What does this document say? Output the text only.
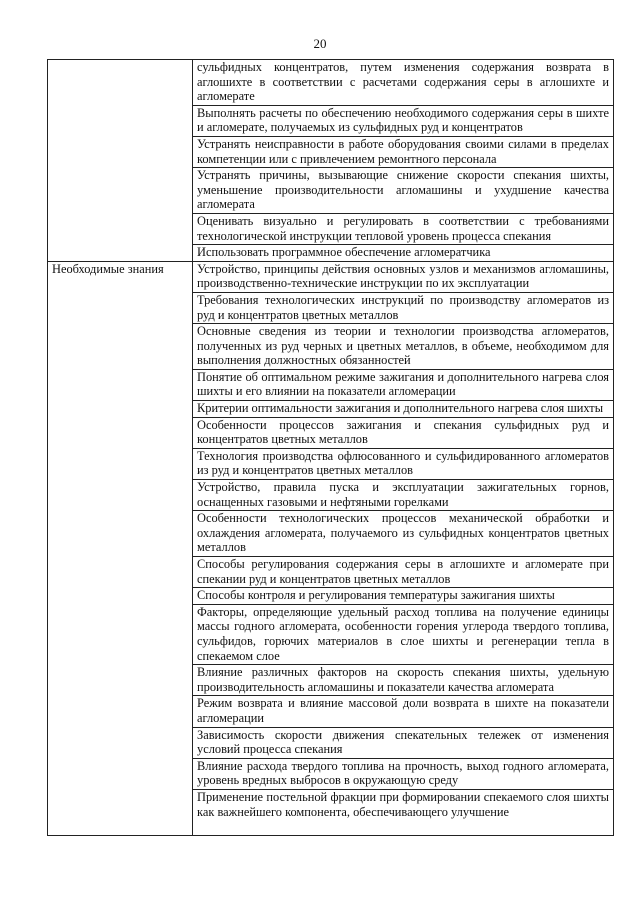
20
	сульфидных концентратов, путем изменения содержания возврата в аглошихте в соответствии с расчетами содержания серы в аглошихте и агломерате
	Выполнять расчеты по обеспечению необходимого содержания серы в шихте и агломерате, получаемых из сульфидных руд и концентратов
	Устранять неисправности в работе оборудования своими силами в пределах компетенции или с привлечением ремонтного персонала
	Устранять причины, вызывающие снижение скорости спекания шихты, уменьшение производительности агломашины и ухудшение качества агломерата
	Оценивать визуально и регулировать в соответствии с требованиями технологической инструкции тепловой уровень процесса спекания
	Использовать программное обеспечение агломератчика
Необходимые знания	Устройство, принципы действия основных узлов и механизмов агломашины, производственно-технические инструкции по их эксплуатации
	Требования технологических инструкций по производству агломератов из руд и концентратов цветных металлов
	Основные сведения из теории и технологии производства агломератов, полученных из руд черных и цветных металлов, в объеме, необходимом для выполнения должностных обязанностей
	Понятие об оптимальном режиме зажигания и дополнительного нагрева слоя шихты и его влиянии на показатели агломерации
	Критерии оптимальности зажигания и дополнительного нагрева слоя шихты
	Особенности процессов зажигания и спекания сульфидных руд и концентратов цветных металлов
	Технология производства офлюсованного и сульфидированного агломератов из руд и концентратов цветных металлов
	Устройство, правила пуска и эксплуатации зажигательных горнов, оснащенных газовыми и нефтяными горелками
	Особенности технологических процессов механической обработки и охлаждения агломерата, получаемого из сульфидных концентратов цветных металлов
	Способы регулирования содержания серы в аглошихте и агломерате при спекании руд и концентратов цветных металлов
	Способы контроля и регулирования температуры зажигания шихты
	Факторы, определяющие удельный расход топлива на получение единицы массы годного агломерата, особенности горения углерода твердого топлива, сульфидов, горючих материалов в слое шихты и регенерации тепла в спекаемом слое
	Влияние различных факторов на скорость спекания шихты, удельную производительность агломашины и показатели качества агломерата
	Режим возврата и влияние массовой доли возврата в шихте на показатели агломерации
	Зависимость скорости движения спекательных тележек от изменения условий процесса спекания
	Влияние расхода твердого топлива на прочность, выход годного агломерата, уровень вредных выбросов в окружающую среду
	Применение постельной фракции при формировании спекаемого слоя шихты как важнейшего компонента, обеспечивающего улучшение
